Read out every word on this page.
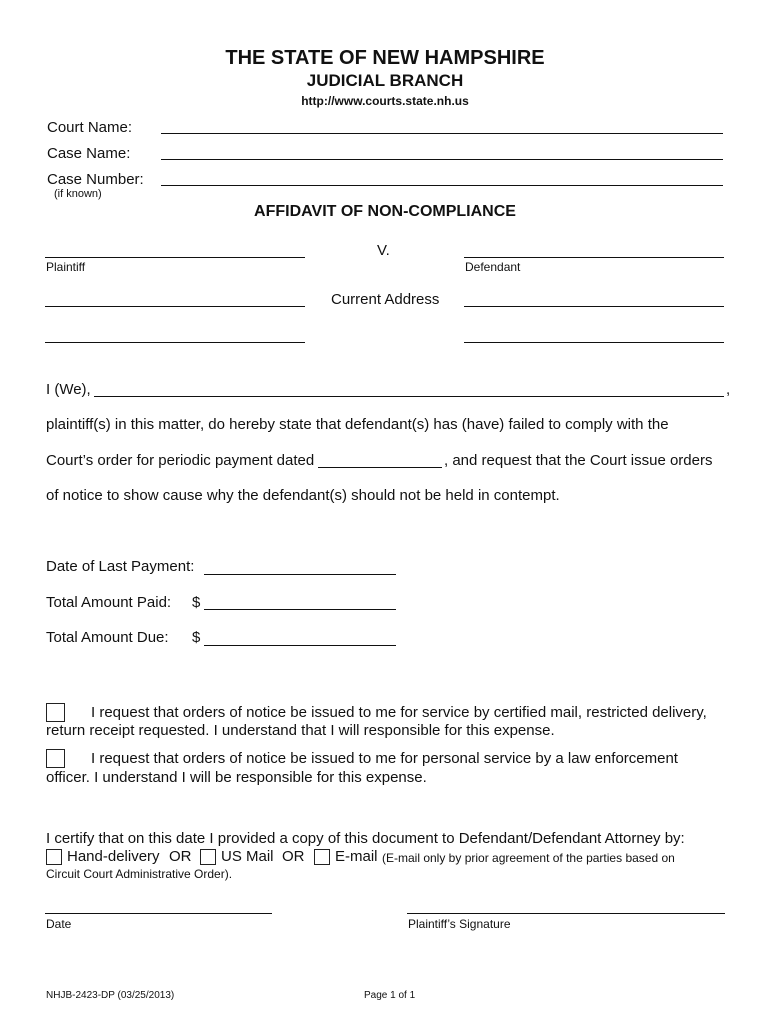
THE STATE OF NEW HAMPSHIRE
JUDICIAL BRANCH
http://www.courts.state.nh.us
Court Name:
Case Name:
Case Number:
(if known)
AFFIDAVIT OF NON-COMPLIANCE
V.
Plaintiff	Defendant
Current Address
I (We),	,
plaintiff(s) in this matter, do hereby state that defendant(s) has (have) failed to comply with the
Court’s order for periodic payment dated	, and request that the Court issue orders
of notice to show cause why the defendant(s) should not be held in contempt.
Date of Last Payment:
Total Amount Paid: $
Total Amount Due: $
I request that orders of notice be issued to me for service by certified mail, restricted delivery,
return receipt requested. I understand that I will responsible for this expense.
I request that orders of notice be issued to me for personal service by a law enforcement
officer. I understand I will be responsible for this expense.
I certify that on this date I provided a copy of this document to Defendant/Defendant Attorney by:
Hand-delivery OR US Mail OR E-mail (E-mail only by prior agreement of the parties based on
Circuit Court Administrative Order).
Date	Plaintiff’s Signature
NHJB-2423-DP (03/25/2013)	Page 1 of 1
